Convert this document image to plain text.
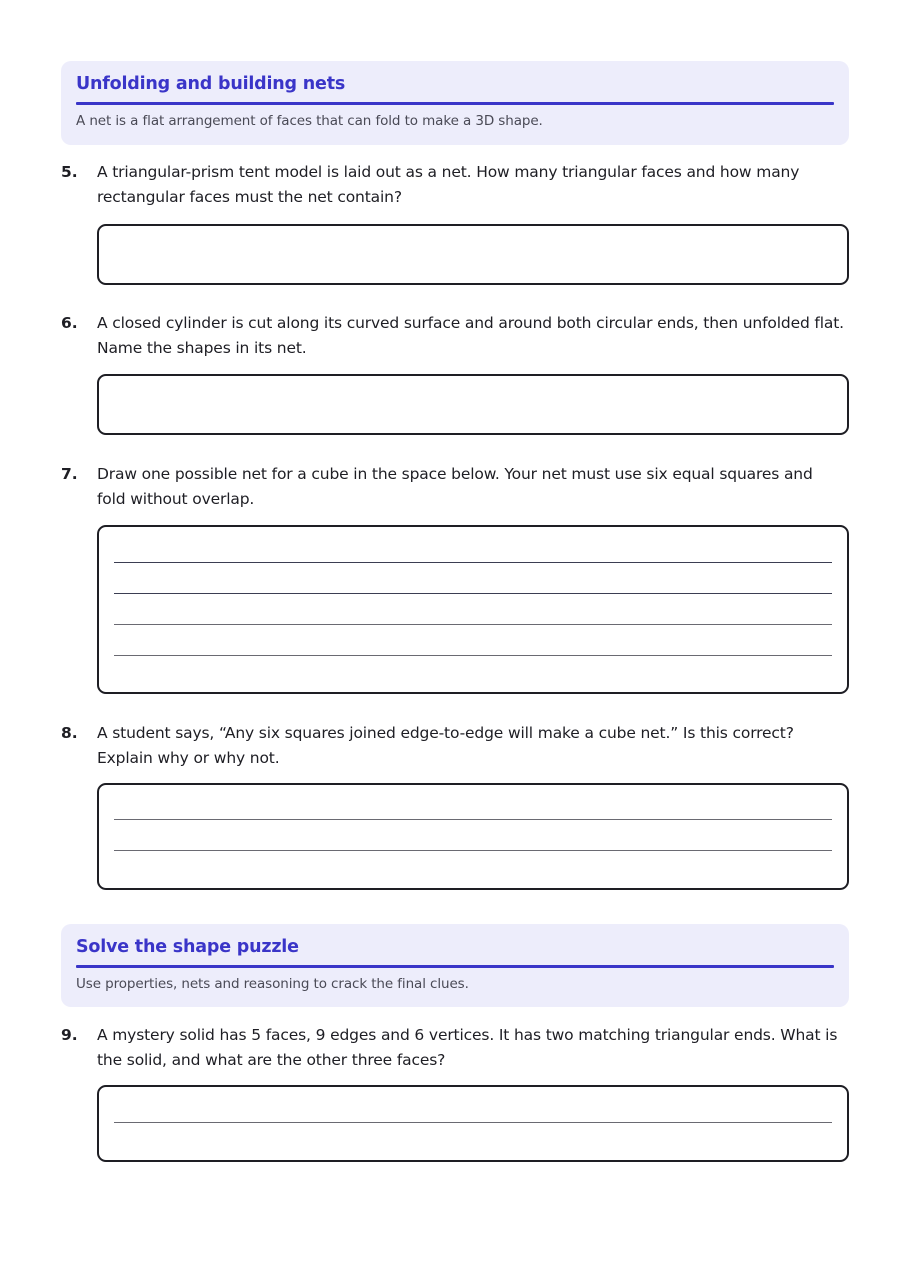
Unfolding and building nets
A net is a flat arrangement of faces that can fold to make a 3D shape.
5.	A triangular-prism tent model is laid out as a net. How many triangular faces and how many
rectangular faces must the net contain?
6.	A closed cylinder is cut along its curved surface and around both circular ends, then unfolded flat.
Name the shapes in its net.
7.	Draw one possible net for a cube in the space below. Your net must use six equal squares and
fold without overlap.
8.	A student says, “Any six squares joined edge-to-edge will make a cube net.” Is this correct?
Explain why or why not.
Solve the shape puzzle
Use properties, nets and reasoning to crack the final clues.
9.	A mystery solid has 5 faces, 9 edges and 6 vertices. It has two matching triangular ends. What is
the solid, and what are the other three faces?
